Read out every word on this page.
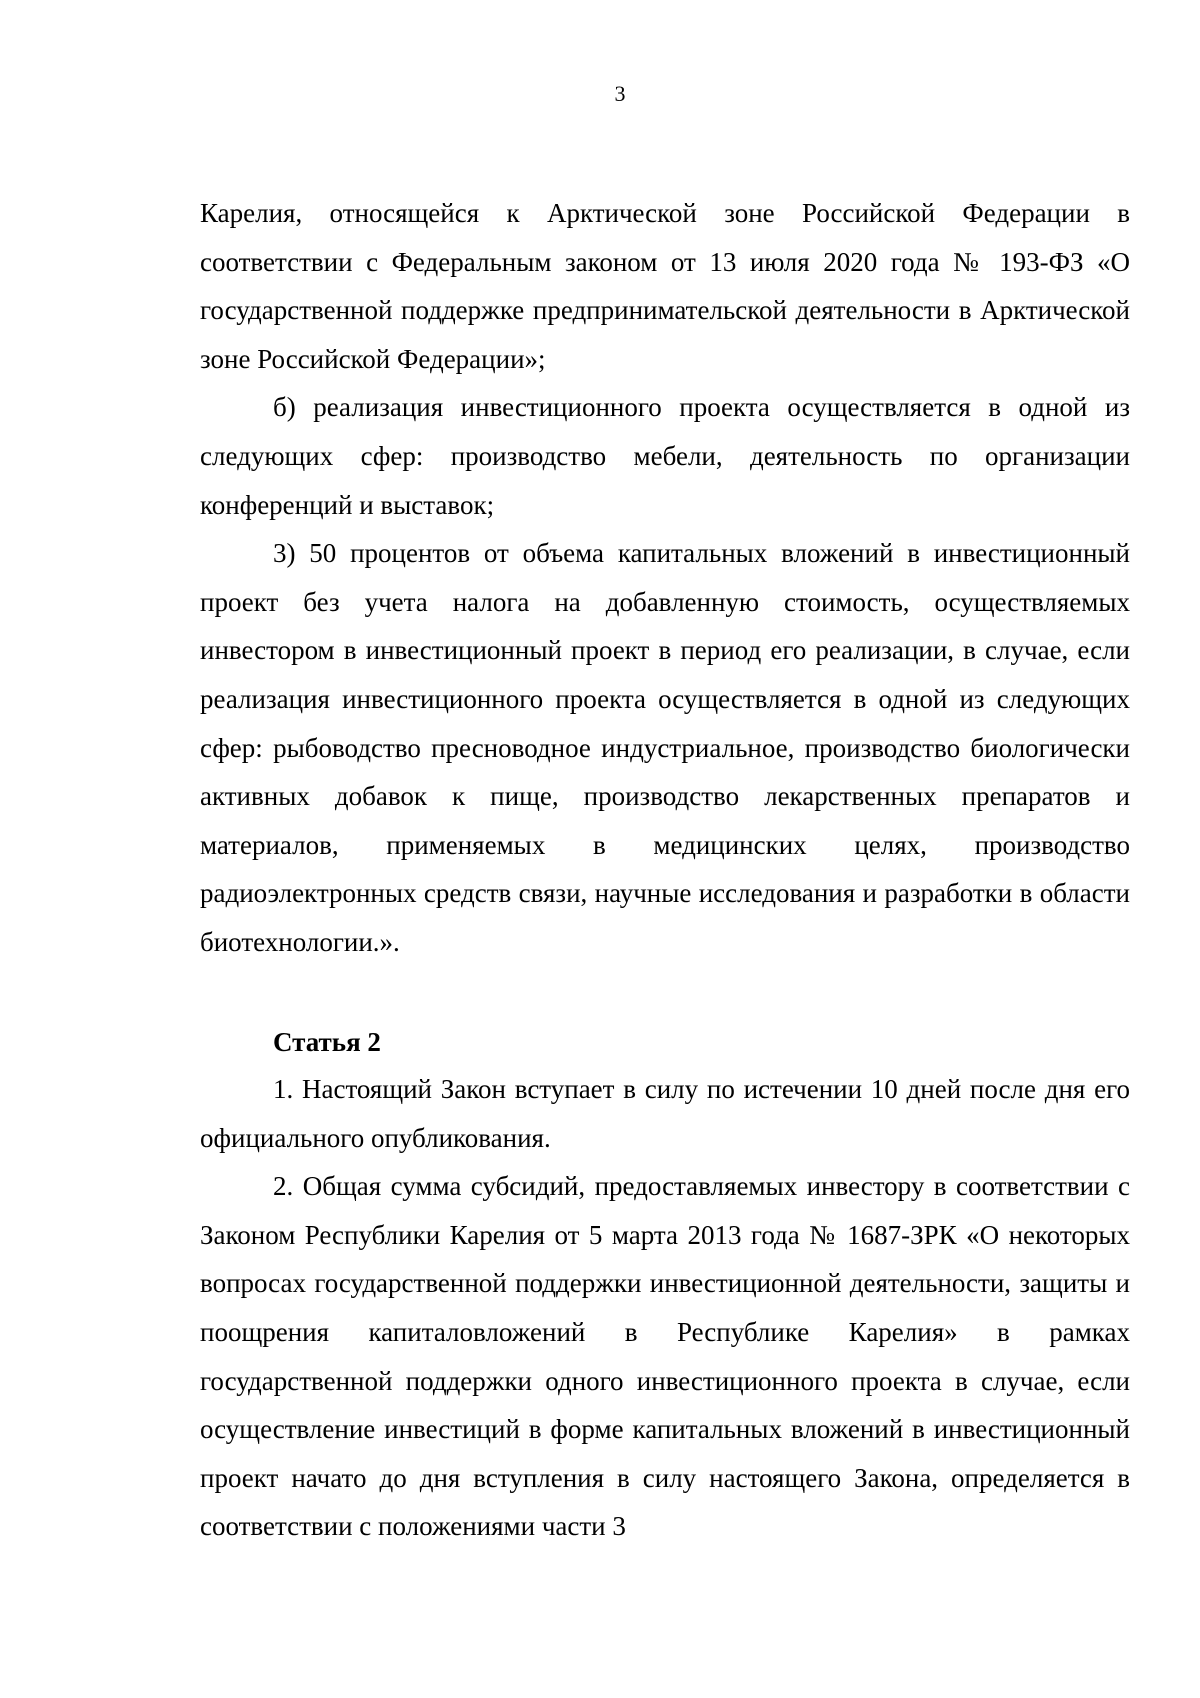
3

Карелия, относящейся к Арктической зоне Российской Федерации в соответствии с Федеральным законом от 13 июля 2020 года № 193-ФЗ «О государственной поддержке предпринимательской деятельности в Арктической зоне Российской Федерации»;

б) реализация инвестиционного проекта осуществляется в одной из следующих сфер: производство мебели, деятельность по организации конференций и выставок;

3) 50 процентов от объема капитальных вложений в инвестиционный проект без учета налога на добавленную стоимость, осуществляемых инвестором в инвестиционный проект в период его реализации, в случае, если реализация инвестиционного проекта осуществляется в одной из следующих сфер: рыбоводство пресноводное индустриальное, производство биологически активных добавок к пище, производство лекарственных препаратов и материалов, применяемых в медицинских целях, производство радиоэлектронных средств связи, научные исследования и разработки в области биотехнологии.».

Статья 2

1. Настоящий Закон вступает в силу по истечении 10 дней после дня его официального опубликования.

2. Общая сумма субсидий, предоставляемых инвестору в соответствии с Законом Республики Карелия от 5 марта 2013 года № 1687-ЗРК «О некоторых вопросах государственной поддержки инвестиционной деятельности, защиты и поощрения капиталовложений в Республике Карелия» в рамках государственной поддержки одного инвестиционного проекта в случае, если осуществление инвестиций в форме капитальных вложений в инвестиционный проект начато до дня вступления в силу настоящего Закона, определяется в соответствии с положениями части 3
